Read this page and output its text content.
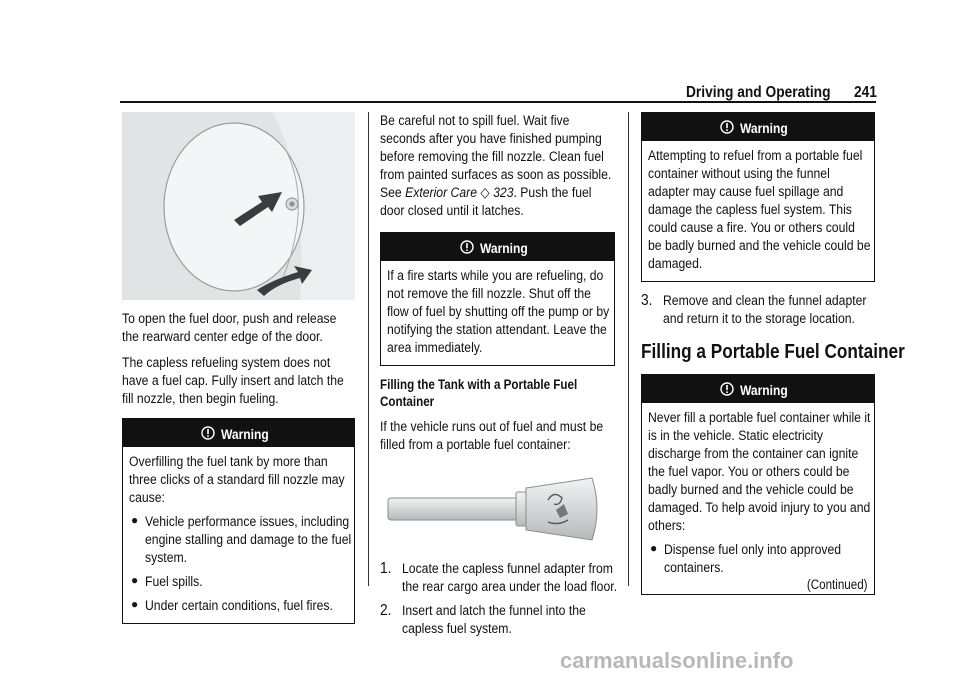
Driving and Operating 241

To open the fuel door, push and release the rearward center edge of the door.

The capless refueling system does not have a fuel cap. Fully insert and latch the fill nozzle, then begin fueling.

Warning

Overfilling the fuel tank by more than three clicks of a standard fill nozzle may cause:

● Vehicle performance issues, including engine stalling and damage to the fuel system.

● Fuel spills.

● Under certain conditions, fuel fires.

Be careful not to spill fuel. Wait five seconds after you have finished pumping before removing the fill nozzle. Clean fuel from painted surfaces as soon as possible. See Exterior Care ◇ 323. Push the fuel door closed until it latches.

Warning

If a fire starts while you are refueling, do not remove the fill nozzle. Shut off the flow of fuel by shutting off the pump or by notifying the station attendant. Leave the area immediately.

Filling the Tank with a Portable Fuel Container

If the vehicle runs out of fuel and must be filled from a portable fuel container:

1. Locate the capless funnel adapter from the rear cargo area under the load floor.

2. Insert and latch the funnel into the capless fuel system.

Warning

Attempting to refuel from a portable fuel container without using the funnel adapter may cause fuel spillage and damage the capless fuel system. This could cause a fire. You or others could be badly burned and the vehicle could be damaged.

3. Remove and clean the funnel adapter and return it to the storage location.

Filling a Portable Fuel Container
Warning

Never fill a portable fuel container while it is in the vehicle. Static electricity discharge from the container can ignite the fuel vapor. You or others could be badly burned and the vehicle could be damaged. To help avoid injury to you and others:

● Dispense fuel only into approved containers.

(Continued)
carmanualsonline.info
